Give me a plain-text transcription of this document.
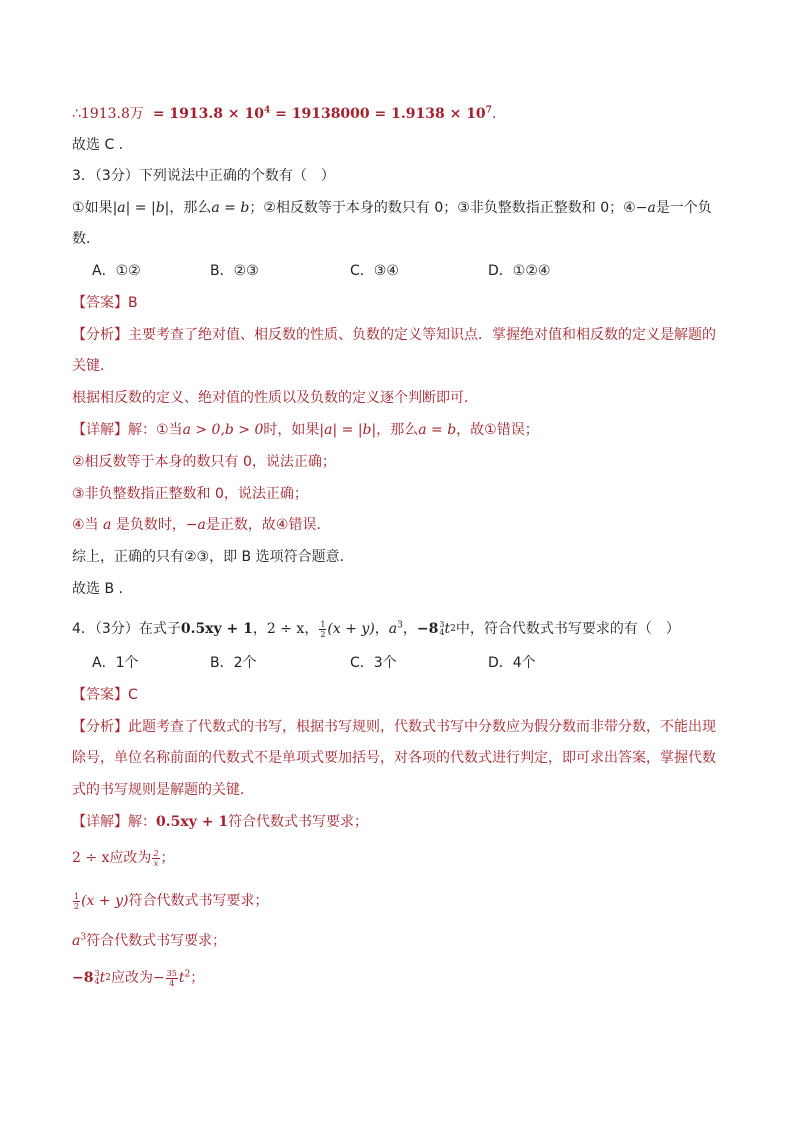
∴1913.8万 = $1913.8 \times 10^4 = 19138000 = 1.9138 \times 10^7$.
故选 C .
3．（3分）下列说法中正确的个数有（　）
①如果|a| = |b|，那么a = b；②相反数等于本身的数只有 0；③非负整数指正整数和 0；④−a是一个负
数．
A．①②	B．②③	C．③④	D．①②④
【答案】B
【分析】主要考查了绝对值、相反数的性质、负数的定义等知识点．掌握绝对值和相反数的定义是解题的
关键．
根据相反数的定义、绝对值的性质以及负数的定义逐个判断即可．
【详解】解：①当a > 0,b > 0时，如果|a| = |b|，那么a = b，故①错误；
②相反数等于本身的数只有 0，说法正确；
③非负整数指正整数和 0，说法正确；
④当 a 是负数时，−a是正数，故④错误．
综上，正确的只有②③，即 B 选项符合题意．
故选 B .
4．（3分）在式子0.5xy + 1，2 ÷ x， $\frac{1}{2} (x + y)$，$a^3$， −8 3
4 t 2 中，符合代数式书写要求的有（　）
A．1个	B．2个	C．3个	D．4个
【答案】C
【分析】此题考查了代数式的书写，根据书写规则，代数式书写中分数应为假分数而非带分数，不能出现
除号，单位名称前面的代数式不是单项式要加括号，对各项的代数式进行判定，即可求出答案，掌握代数
式的书写规则是解题的关键．
【详解】解：0.5xy + 1符合代数式书写要求；
2 ÷ x应改为 $\frac{2}{x}$ ；
$\frac{1}{2} (x + y)$符合代数式书写要求；
$a^3$符合代数式书写要求；
−8 3
4 t 2 应改为− $\frac{35}{4} t^2$；
